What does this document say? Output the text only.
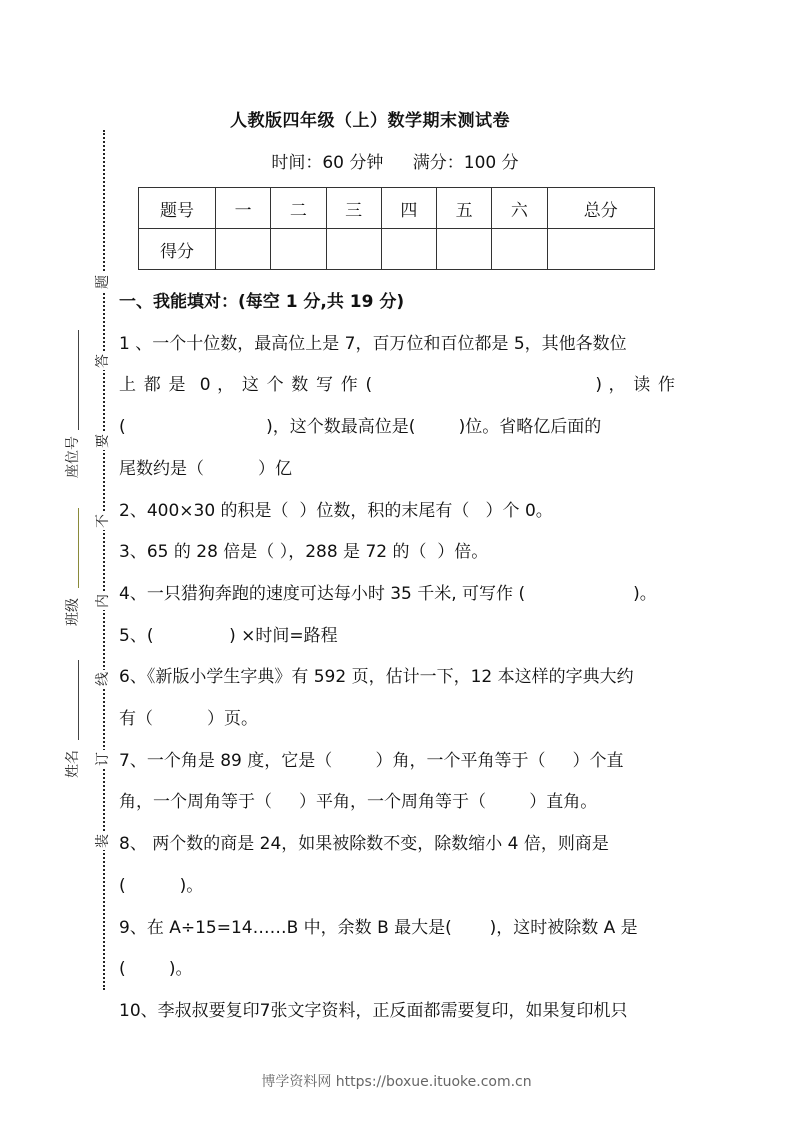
人教版四年级（上）数学期末测试卷
时间：60 分钟 满分：100 分
题号	一	二	三	四	五	六	总分
得分							
题
答
要
不
内
线
订
装
座位号
班级
姓名

一、我能填对：(每空 1 分,共 19 分)

1 、一个十位数，最高位上是 7，百万位和百位都是 5，其他各数位

上 都 是  0 ， 这 个 数 写 作 (                                  ) ， 读 作

(                          )，这个数最高位是(        )位。省略亿后面的

尾数约是（          ）亿

2、400×30 的积是（  ）位数，积的末尾有（   ）个 0。

3、65 的 28 倍是（ ），288 是 72 的（  ）倍。

4、一只猎狗奔跑的速度可达每小时 35 千米, 可写作 (                    )。

5、(              ) ×时间=路程

6、《新版小学生字典》有 592 页，估计一下，12 本这样的字典大约

有（          ）页。

7、一个角是 89 度，它是（        ）角，一个平角等于（     ）个直

角，一个周角等于（     ）平角，一个周角等于（        ）直角。

8、 两个数的商是 24，如果被除数不变，除数缩小 4 倍，则商是

(          )。

9、在 A÷15=14……B 中，余数 B 最大是(       )，这时被除数 A 是

(        )。

10、李叔叔要复印7张文字资料，正反面都需要复印，如果复印机只

博学资料网 https://boxue.ituoke.com.cn
